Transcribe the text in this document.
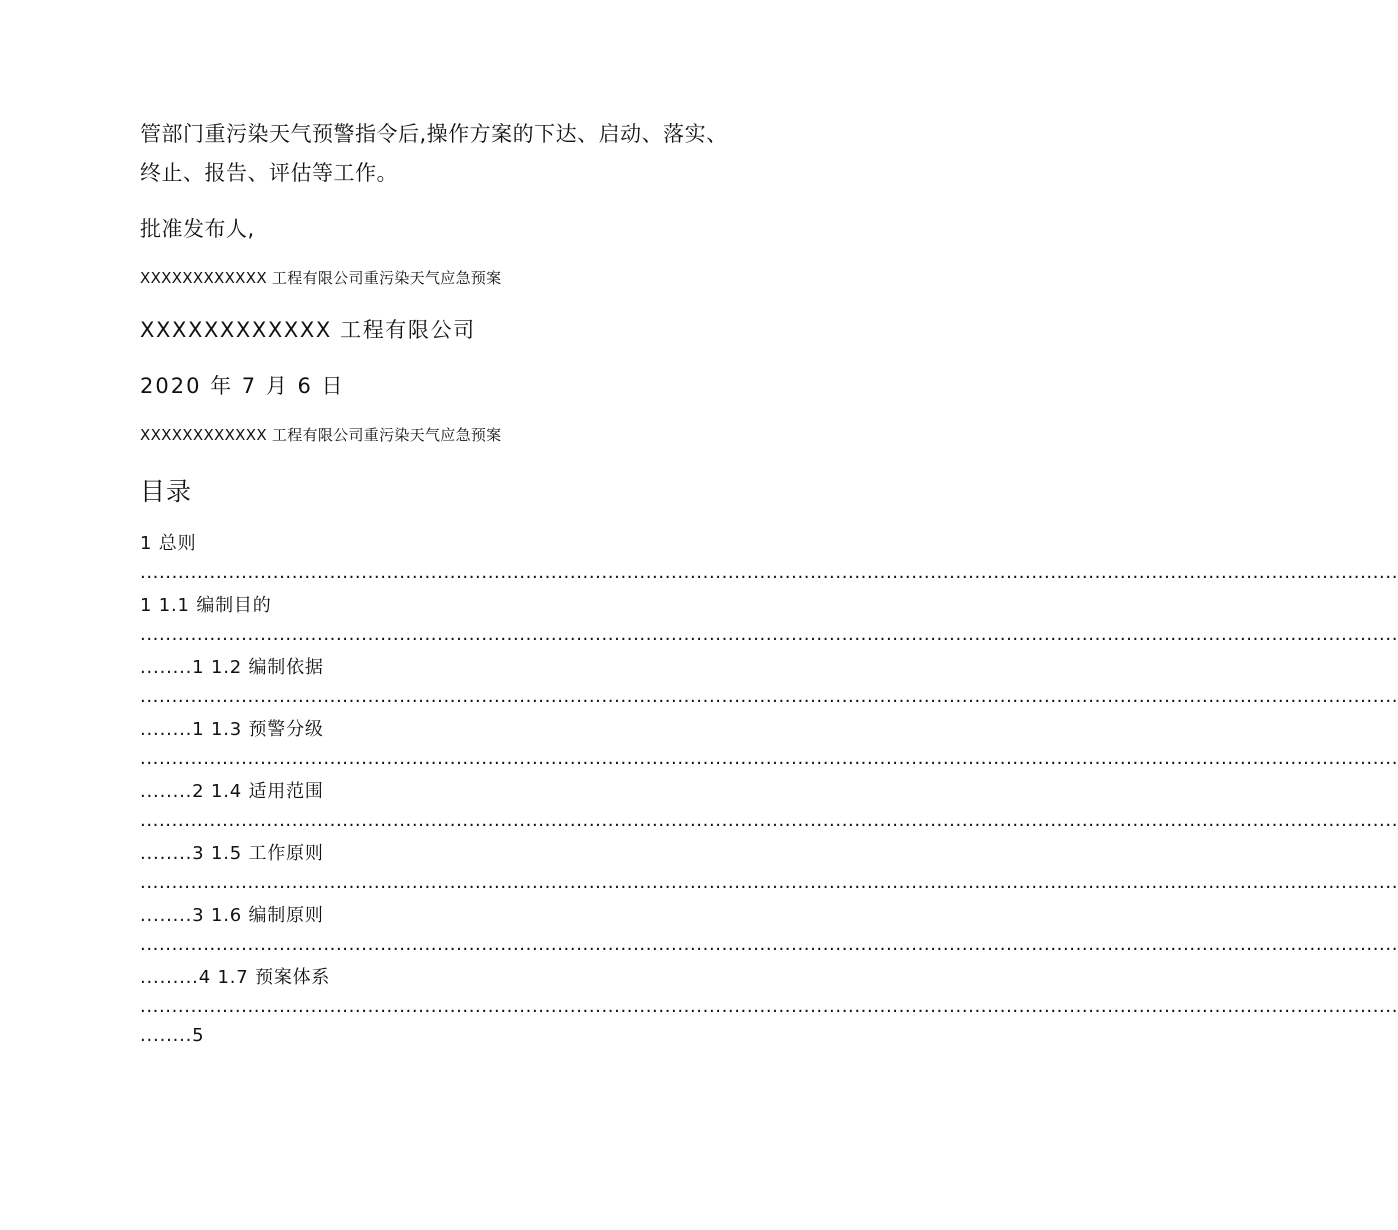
管部门重污染天气预警指令后,操作方案的下达、启动、落实、
终止、报告、评估等工作。
批准发布人,
XXXXXXXXXXXX 工程有限公司重污染天气应急预案
XXXXXXXXXXXX 工程有限公司
2020 年 7 月 6 日
XXXXXXXXXXXX 工程有限公司重污染天气应急预案
目录
1 总则
.......................................................................................................................................................................................................
1 1.1 编制目的
.......................................................................................................................................................................................................
........1 1.2 编制依据
.......................................................................................................................................................................................................
........1 1.3 预警分级
.......................................................................................................................................................................................................
........2 1.4 适用范围
.......................................................................................................................................................................................................
........3 1.5 工作原则
.......................................................................................................................................................................................................
........3 1.6 编制原则
.......................................................................................................................................................................................................
.........4 1.7 预案体系
.......................................................................................................................................................................................................
........5
